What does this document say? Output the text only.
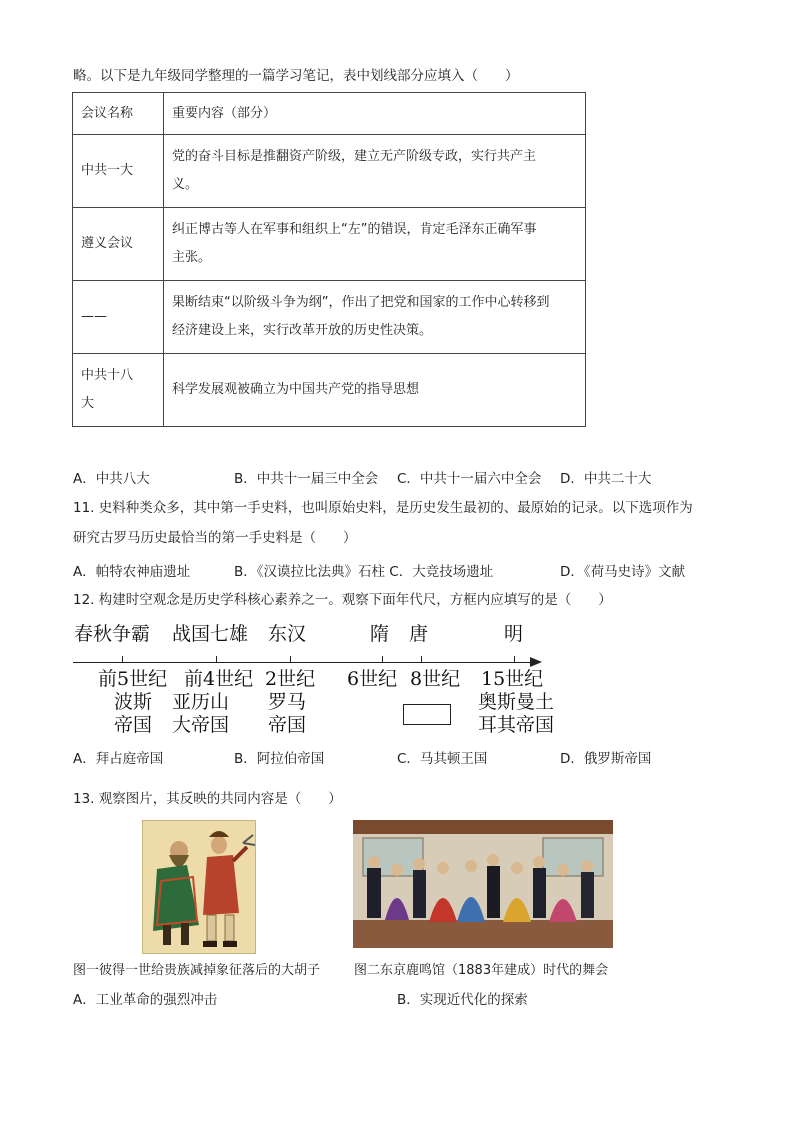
略。以下是九年级同学整理的一篇学习笔记，表中划线部分应填入（　　）
会议名称	重要内容（部分）
中共一大	党的奋斗目标是推翻资产阶级，建立无产阶级专政，实行共产主
义。

遵义会议	纠正博古等人在军事和组织上“左”的错误，肯定毛泽东正确军事
主张。

——	果断结束“以阶级斗争为纲”，作出了把党和国家的工作中心转移到
经济建设上来，实行改革开放的历史性决策。

中共十八
大	科学发展观被确立为中国共产党的指导思想
A．中共八大	B．中共十一届三中全会 C．中共十一届六中全会 D．中共二十大
11. 史料种类众多，其中第一手史料，也叫原始史料，是历史发生最初的、最原始的记录。以下选项作为
研究古罗马历史最恰当的第一手史料是（　　）
A．帕特农神庙遗址	B．《汉谟拉比法典》石柱 C．大竞技场遗址	D．《荷马史诗》文献
12. 构建时空观念是历史学科核心素养之一。观察下面年代尺，方框内应填写的是（　　）
春秋争霸 战国七雄 东汉	隋 唐	明
前5世纪 前4世纪 2世纪 6世纪 8世纪 15世纪
波斯 亚历山 罗马	奥斯曼土
帝国 大帝国 帝国	耳其帝国
A．拜占庭帝国	B．阿拉伯帝国	C．马其顿王国	D．俄罗斯帝国
13. 观察图片，其反映的共同内容是（　　）
图一彼得一世给贵族减掉象征落后的大胡子	图二东京鹿鸣馆（1883年建成）时代的舞会
A．工业革命的强烈冲击	B．实现近代化的探索
